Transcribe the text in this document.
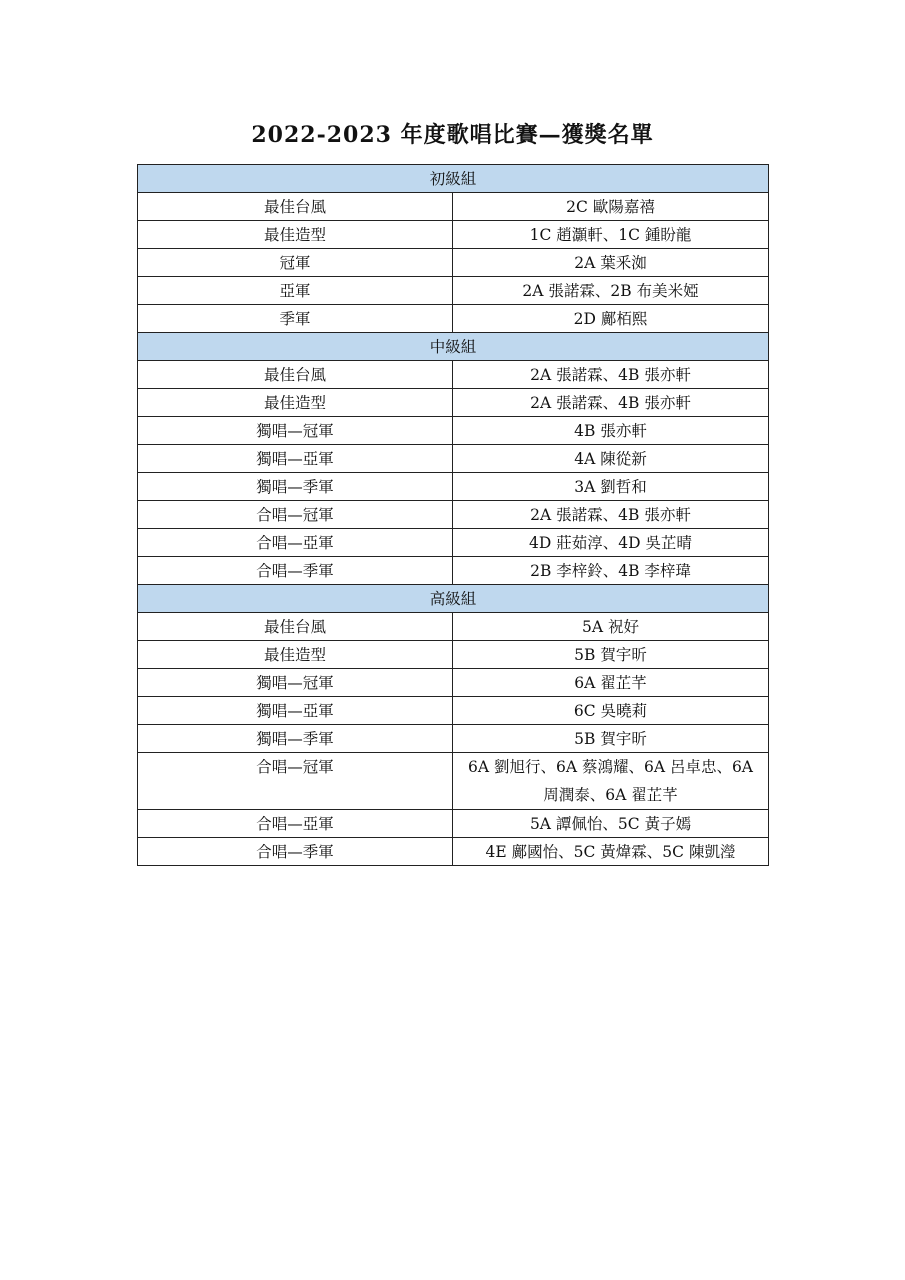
2022-2023 年度歌唱比賽—獲獎名單
初級組	
最佳台風	2C 歐陽嘉禧
最佳造型	1C 趙灝軒、1C 鍾盼龍
冠軍	2A 葉釆洳
亞軍	2A 張諾霖、2B 布美米婭
季軍	2D 鄺栢熙
中級組	
最佳台風	2A 張諾霖、4B 張亦軒
最佳造型	2A 張諾霖、4B 張亦軒
獨唱—冠軍	4B 張亦軒
獨唱—亞軍	4A 陳從新
獨唱—季軍	3A 劉哲和
合唱—冠軍	2A 張諾霖、4B 張亦軒
合唱—亞軍	4D 莊茹淳、4D 吳芷晴
合唱—季軍	2B 李梓鈴、4B 李梓瑋
高級組	
最佳台風	5A 祝好
最佳造型	5B 賀宇昕
獨唱—冠軍	6A 翟芷芊
獨唱—亞軍	6C 吳曉莉
獨唱—季軍	5B 賀宇昕
合唱—冠軍	6A 劉旭行、6A 蔡鴻耀、6A 呂卓忠、6A 周潤泰、6A 翟芷芊
合唱—亞軍	5A 譚佩怡、5C 黃子嫣
合唱—季軍	4E 鄺國怡、5C 黃煒霖、5C 陳凱瀅
